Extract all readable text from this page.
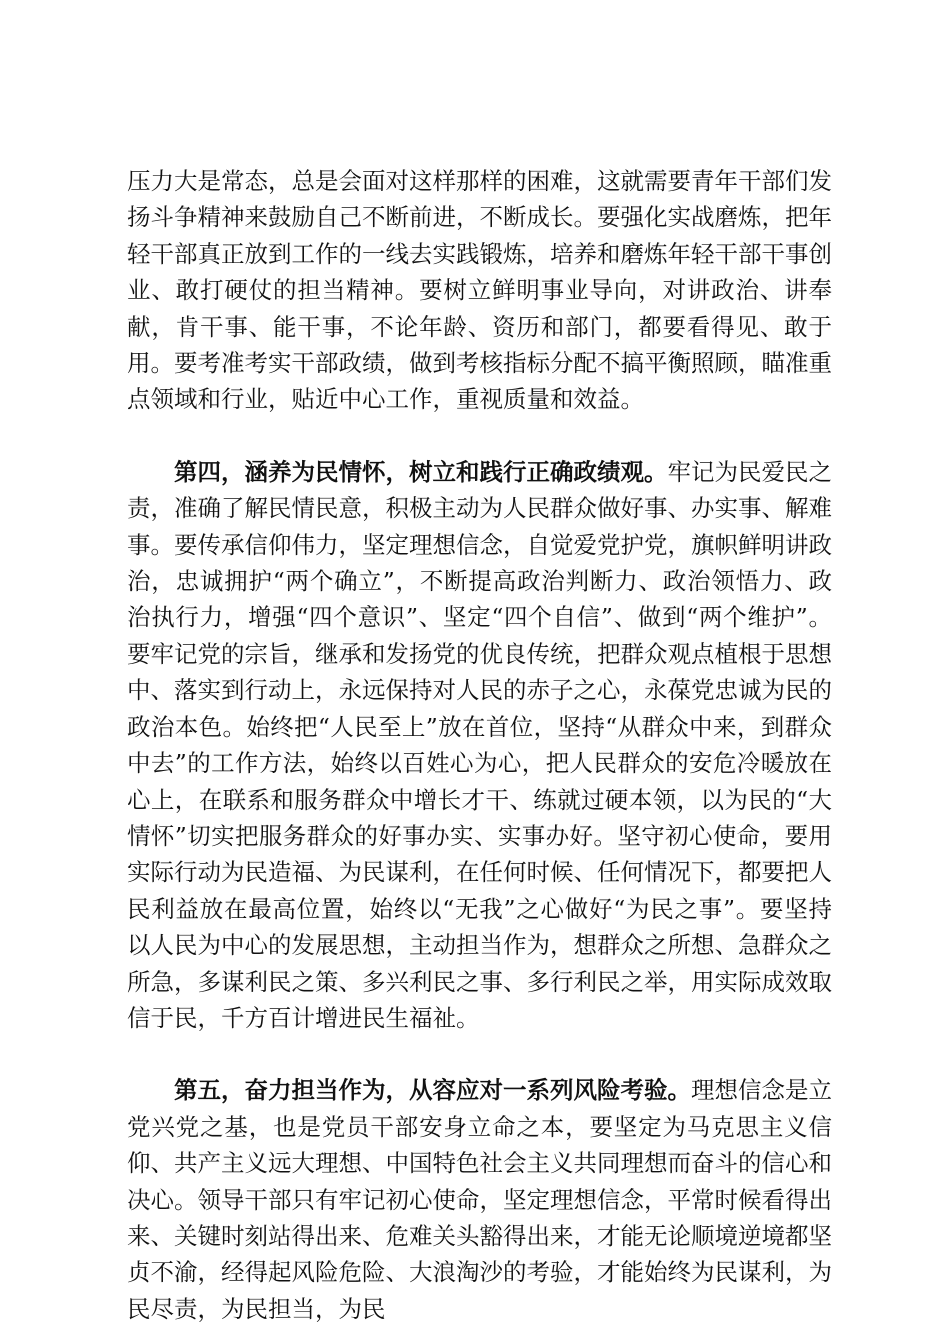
压力大是常态，总是会面对这样那样的困难，这就需要青年干部们发扬斗争精神来鼓励自己不断前进，不断成长。要强化实战磨炼，把年轻干部真正放到工作的一线去实践锻炼，培养和磨炼年轻干部干事创业、敢打硬仗的担当精神。要树立鲜明事业导向，对讲政治、讲奉献，肯干事、能干事，不论年龄、资历和部门，都要看得见、敢于用。要考准考实干部政绩，做到考核指标分配不搞平衡照顾，瞄准重点领域和行业，贴近中心工作，重视质量和效益。

第四，涵养为民情怀，树立和践行正确政绩观。牢记为民爱民之责，准确了解民情民意，积极主动为人民群众做好事、办实事、解难事。要传承信仰伟力，坚定理想信念，自觉爱党护党，旗帜鲜明讲政治，忠诚拥护“两个确立”，不断提高政治判断力、政治领悟力、政治执行力，增强“四个意识”、坚定“四个自信”、做到“两个维护”。要牢记党的宗旨，继承和发扬党的优良传统，把群众观点植根于思想中、落实到行动上，永远保持对人民的赤子之心，永葆党忠诚为民的政治本色。始终把“人民至上”放在首位，坚持“从群众中来，到群众中去”的工作方法，始终以百姓心为心，把人民群众的安危冷暖放在心上，在联系和服务群众中增长才干、练就过硬本领，以为民的“大情怀”切实把服务群众的好事办实、实事办好。坚守初心使命，要用实际行动为民造福、为民谋利，在任何时候、任何情况下，都要把人民利益放在最高位置，始终以“无我”之心做好“为民之事”。要坚持以人民为中心的发展思想，主动担当作为，想群众之所想、急群众之所急，多谋利民之策、多兴利民之事、多行利民之举，用实际成效取信于民，千方百计增进民生福祉。

第五，奋力担当作为，从容应对一系列风险考验。理想信念是立党兴党之基，也是党员干部安身立命之本，要坚定为马克思主义信仰、共产主义远大理想、中国特色社会主义共同理想而奋斗的信心和决心。领导干部只有牢记初心使命，坚定理想信念，平常时候看得出来、关键时刻站得出来、危难关头豁得出来，才能无论顺境逆境都坚贞不渝，经得起风险危险、大浪淘沙的考验，才能始终为民谋利，为民尽责，为民担当，为民
